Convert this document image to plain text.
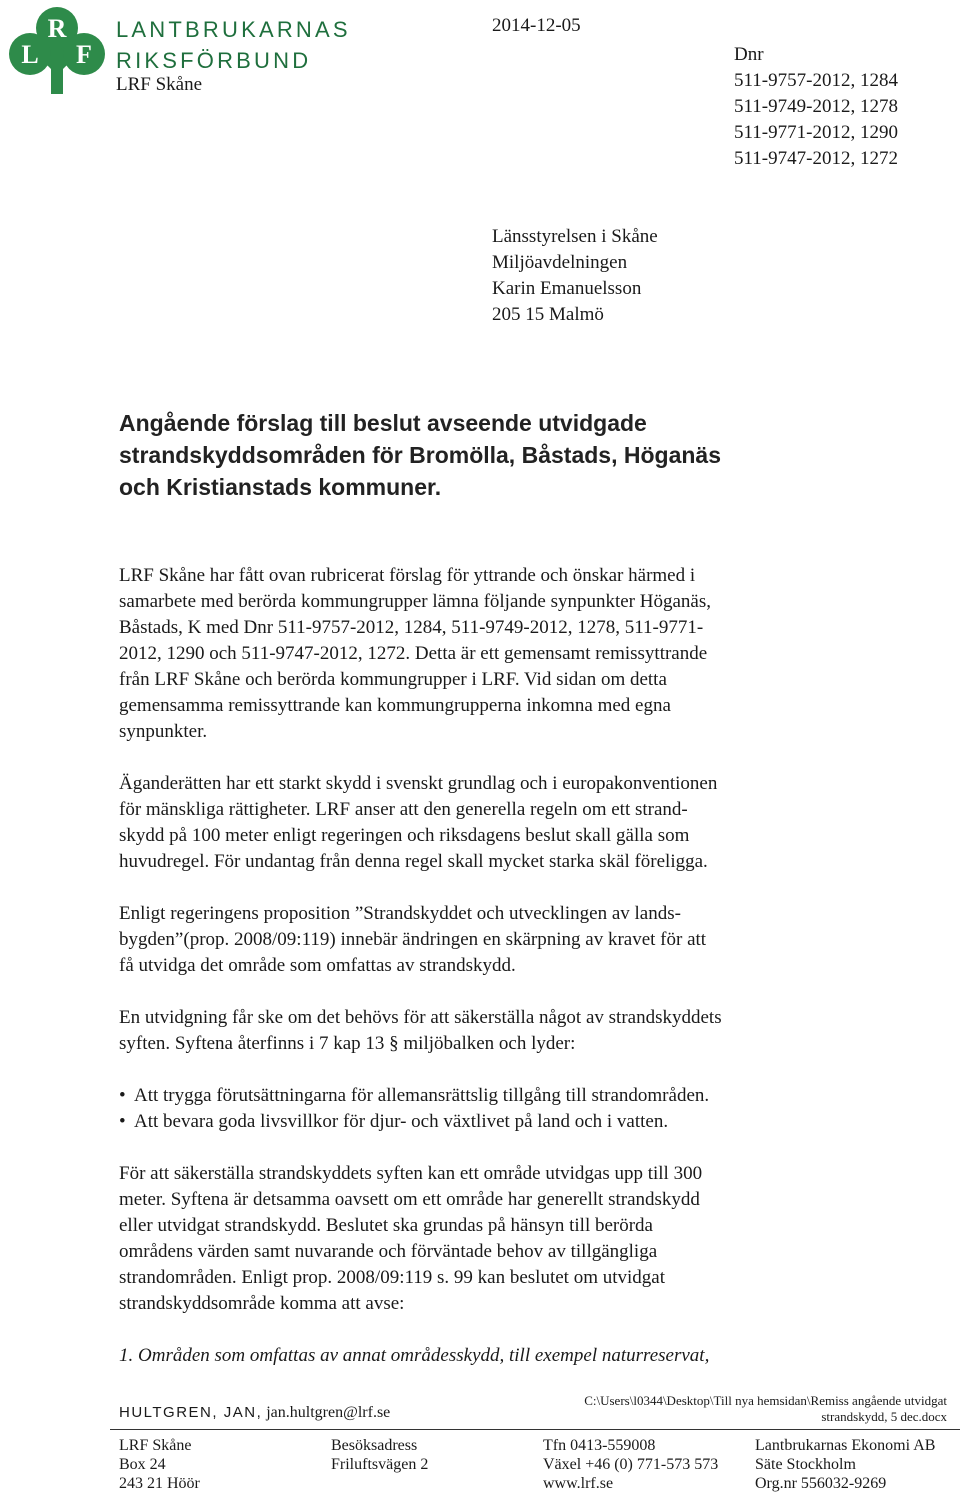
R
L F
LANTBRUKARNAS
RIKSFÖRBUND
LRF Skåne
2014-12-05
Dnr
511-9757-2012, 1284
511-9749-2012, 1278
511-9771-2012, 1290
511-9747-2012, 1272
Länsstyrelsen i Skåne
Miljöavdelningen
Karin Emanuelsson
205 15 Malmö
Angående förslag till beslut avseende utvidgade
strandskyddsområden för Bromölla, Båstads, Höganäs
och Kristianstads kommuner.

LRF Skåne har fått ovan rubricerat förslag för yttrande och önskar härmed i
samarbete med berörda kommungrupper lämna följande synpunkter Höganäs,
Båstads, K med Dnr 511-9757-2012, 1284, 511-9749-2012, 1278, 511-9771-
2012, 1290 och 511-9747-2012, 1272. Detta är ett gemensamt remissyttrande
från LRF Skåne och berörda kommungrupper i LRF. Vid sidan om detta
gemensamma remissyttrande kan kommungrupperna inkomna med egna
synpunkter.

Äganderätten har ett starkt skydd i svenskt grundlag och i europakonventionen
för mänskliga rättigheter. LRF anser att den generella regeln om ett strand-
skydd på 100 meter enligt regeringen och riksdagens beslut skall gälla som
huvudregel. För undantag från denna regel skall mycket starka skäl föreligga.

Enligt regeringens proposition ”Strandskyddet och utvecklingen av lands-
bygden”(prop. 2008/09:119) innebär ändringen en skärpning av kravet för att
få utvidga det område som omfattas av strandskydd.

En utvidgning får ske om det behövs för att säkerställa något av strandskyddets
syften. Syftena återfinns i 7 kap 13 § miljöbalken och lyder:

• Att trygga förutsättningarna för allemansrättslig tillgång till strandområden.
• Att bevara goda livsvillkor för djur- och växtlivet på land och i vatten.

För att säkerställa strandskyddets syften kan ett område utvidgas upp till 300
meter. Syftena är detsamma oavsett om ett område har generellt strandskydd
eller utvidgat strandskydd. Beslutet ska grundas på hänsyn till berörda
områdens värden samt nuvarande och förväntade behov av tillgängliga
strandområden. Enligt prop. 2008/09:119 s. 99 kan beslutet om utvidgat
strandskyddsområde komma att avse:

1. Områden som omfattas av annat områdesskydd, till exempel naturreservat,

HULTGREN, JAN, jan.hultgren@lrf.se
C:\Users\l0344\Desktop\Till nya hemsidan\Remiss angående utvidgat
strandskydd, 5 dec.docx
LRF Skåne
Box 24
243 21 Höör
Besöksadress
Friluftsvägen 2
Tfn 0413-559008
Växel +46 (0) 771-573 573
www.lrf.se
Lantbrukarnas Ekonomi AB
Säte Stockholm
Org.nr 556032-9269
